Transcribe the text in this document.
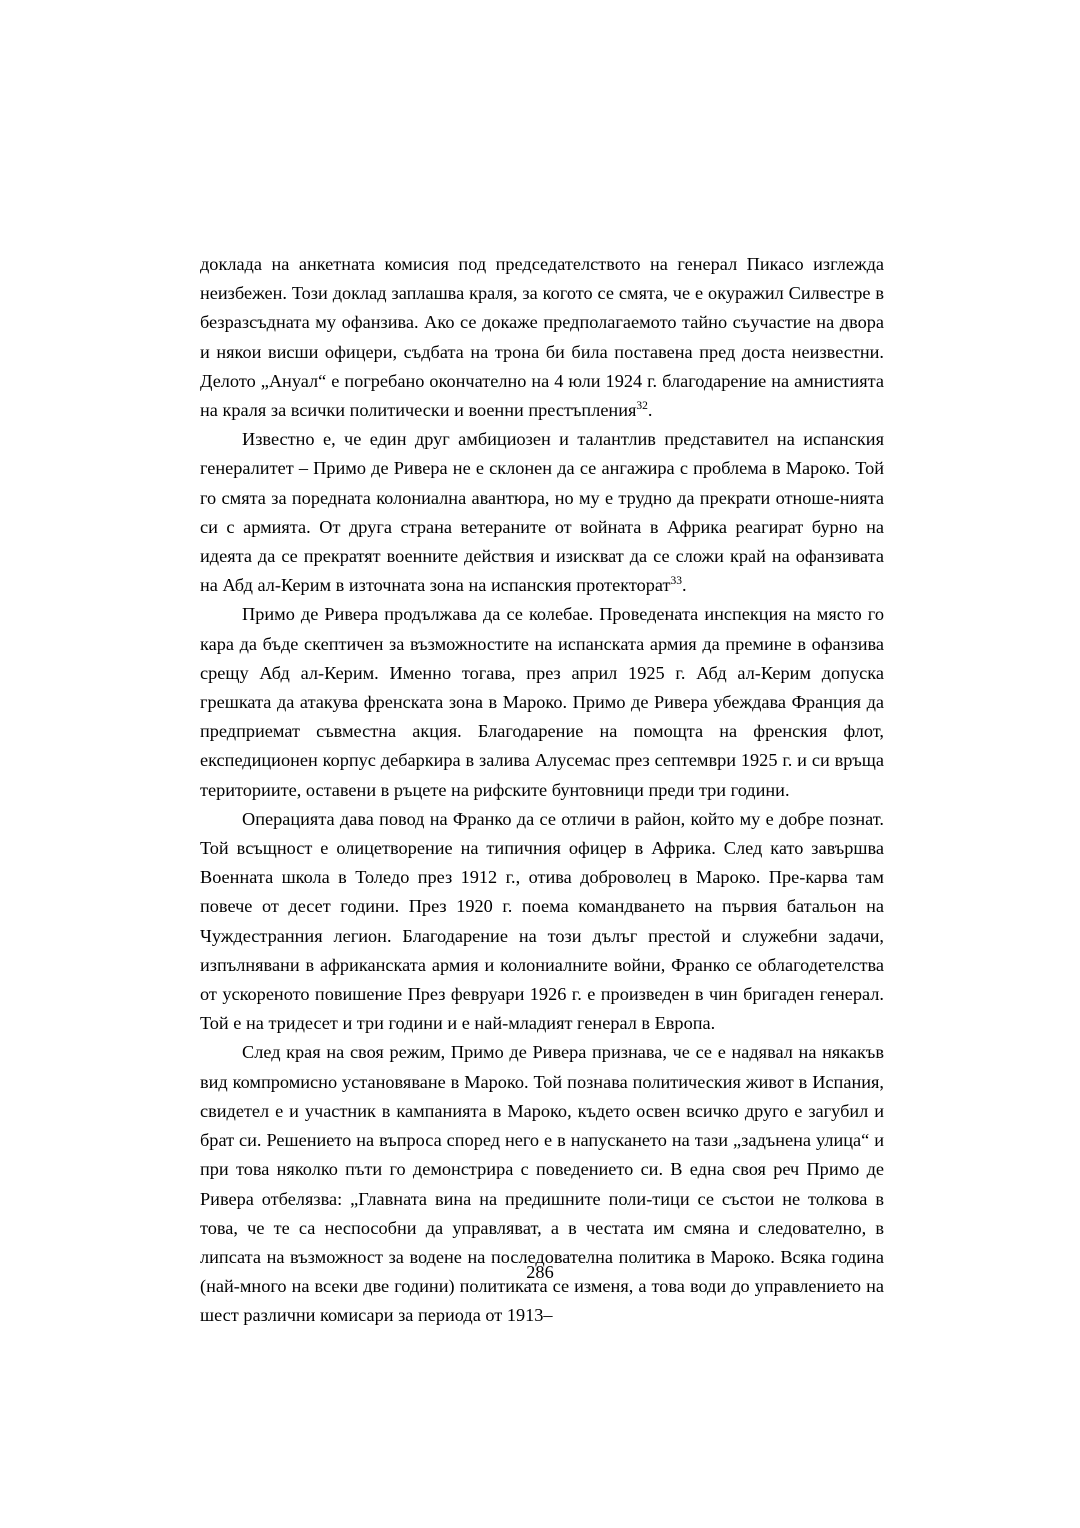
доклада на анкетната комисия под председателството на генерал Пикасо изглежда неизбежен. Този доклад заплашва краля, за когото се смята, че е окуражил Силвестре в безразсъдната му офанзива. Ако се докаже предполагаемото тайно съучастие на двора и някои висши офицери, съдбата на трона би била поставена пред доста неизвестни. Делото „Ануал“ е погребано окончателно на 4 юли 1924 г. благодарение на амнистията на краля за всички политически и военни престъпления$^{32}$.

Известно е, че един друг амбициозен и талантлив представител на испанския генералитет – Примо де Ривера не е склонен да се ангажира с проблема в Мароко. Той го смята за поредната колониална авантюра, но му е трудно да прекрати отноше-нията си с армията. От друга страна ветераните от войната в Африка реагират бурно на идеята да се прекратят военните действия и изискват да се сложи край на офанзивата на Абд ал-Керим в източната зона на испанския протекторат$^{33}$.

Примо де Ривера продължава да се колебае. Проведената инспекция на място го кара да бъде скептичен за възможностите на испанската армия да премине в офанзива срещу Абд ал-Керим. Именно тогава, през април 1925 г. Абд ал-Керим допуска грешката да атакува френската зона в Мароко. Примо де Ривера убеждава Франция да предприемат съвместна акция. Благодарение на помощта на френския флот, експедиционен корпус дебаркира в залива Алусемас през септември 1925 г. и си връща териториите, оставени в ръцете на рифските бунтовници преди три години.

Операцията дава повод на Франко да се отличи в район, който му е добре познат. Той всъщност е олицетворение на типичния офицер в Африка. След като завършва Военната школа в Толедо през 1912 г., отива доброволец в Мароко. Пре-карва там повече от десет години. През 1920 г. поема командването на първия батальон на Чуждестранния легион. Благодарение на този дълъг престой и служебни задачи, изпълнявани в африканската армия и колониалните войни, Франко се облагодетелства от ускореното повишение През февруари 1926 г. е произведен в чин бригаден генерал. Той е на тридесет и три години и е най-младият генерал в Европа.

След края на своя режим, Примо де Ривера признава, че се е надявал на някакъв вид компромисно установяване в Мароко. Той познава политическия живот в Испания, свидетел е и участник в кампанията в Мароко, където освен всичко друго е загубил и брат си. Решението на въпроса според него е в напускането на тази „задънена улица“ и при това няколко пъти го демонстрира с поведението си. В една своя реч Примо де Ривера отбелязва: „Главната вина на предишните поли-тици се състои не толкова в това, че те са неспособни да управляват, а в честата им смяна и следователно, в липсата на възможност за водене на последователна политика в Мароко. Всяка година (най-много на всеки две години) политиката се изменя, а това води до управлението на шест различни комисари за периода от 1913–

286
